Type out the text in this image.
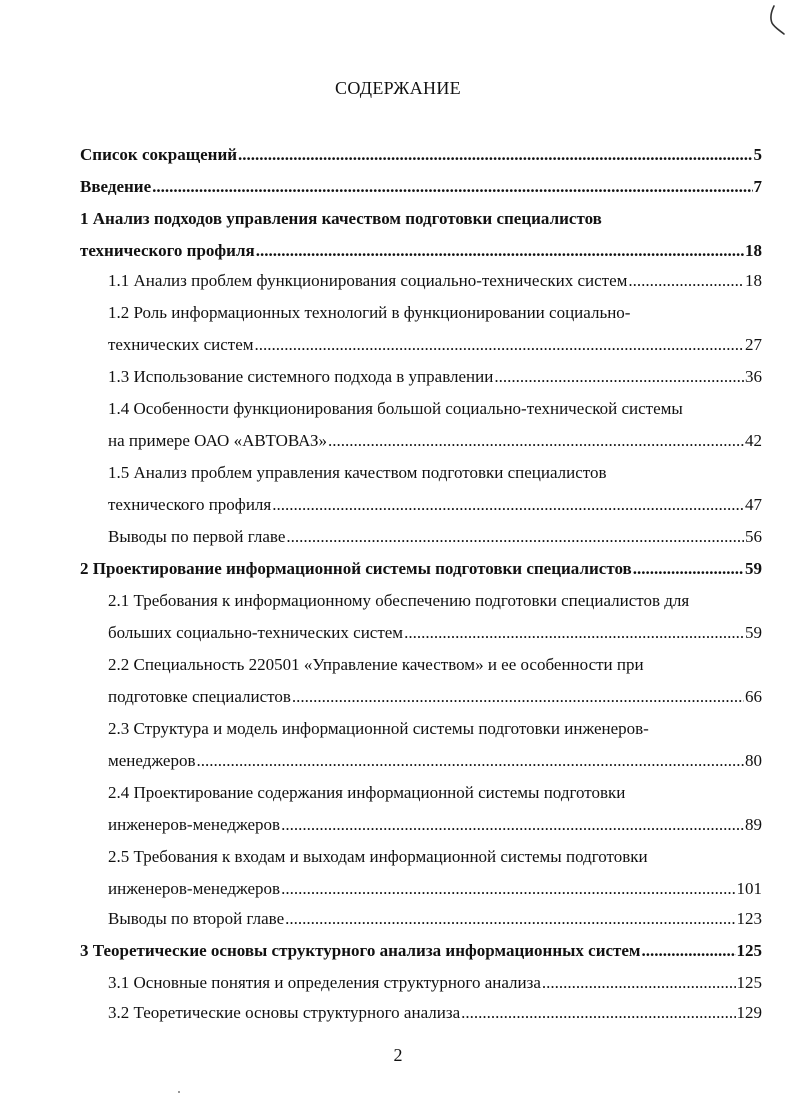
СОДЕРЖАНИЕ
Список сокращений .....	5
Введение .....	7
1 Анализ подходов управления качеством подготовки специалистов
технического профиля .....	18
1.1 Анализ проблем функционирования социально-технических систем .....	18
1.2 Роль информационных технологий в функционировании социально-
технических систем .....	27
1.3 Использование системного подхода в управлении .....	36
1.4 Особенности функционирования большой социально-технической системы
на примере ОАО «АВТОВАЗ» .....	42
1.5 Анализ проблем управления качеством подготовки специалистов
технического профиля .....	47
Выводы по первой главе .....	56
2 Проектирование информационной системы подготовки специалистов .....	59
2.1 Требования к информационному обеспечению подготовки специалистов для
больших социально-технических систем .....	59
2.2 Специальность 220501 «Управление качеством» и ее особенности при
подготовке специалистов .....	66
2.3 Структура и модель информационной системы подготовки инженеров-
менеджеров .....	80
2.4 Проектирование содержания информационной системы подготовки
инженеров-менеджеров .....	89
2.5 Требования к входам и выходам информационной системы подготовки
инженеров-менеджеров .....	101
Выводы по второй главе .....	123
3 Теоретические основы структурного анализа информационных систем .....	125
3.1 Основные понятия и определения структурного анализа .....	125
3.2 Теоретические основы структурного анализа .....	129
2
